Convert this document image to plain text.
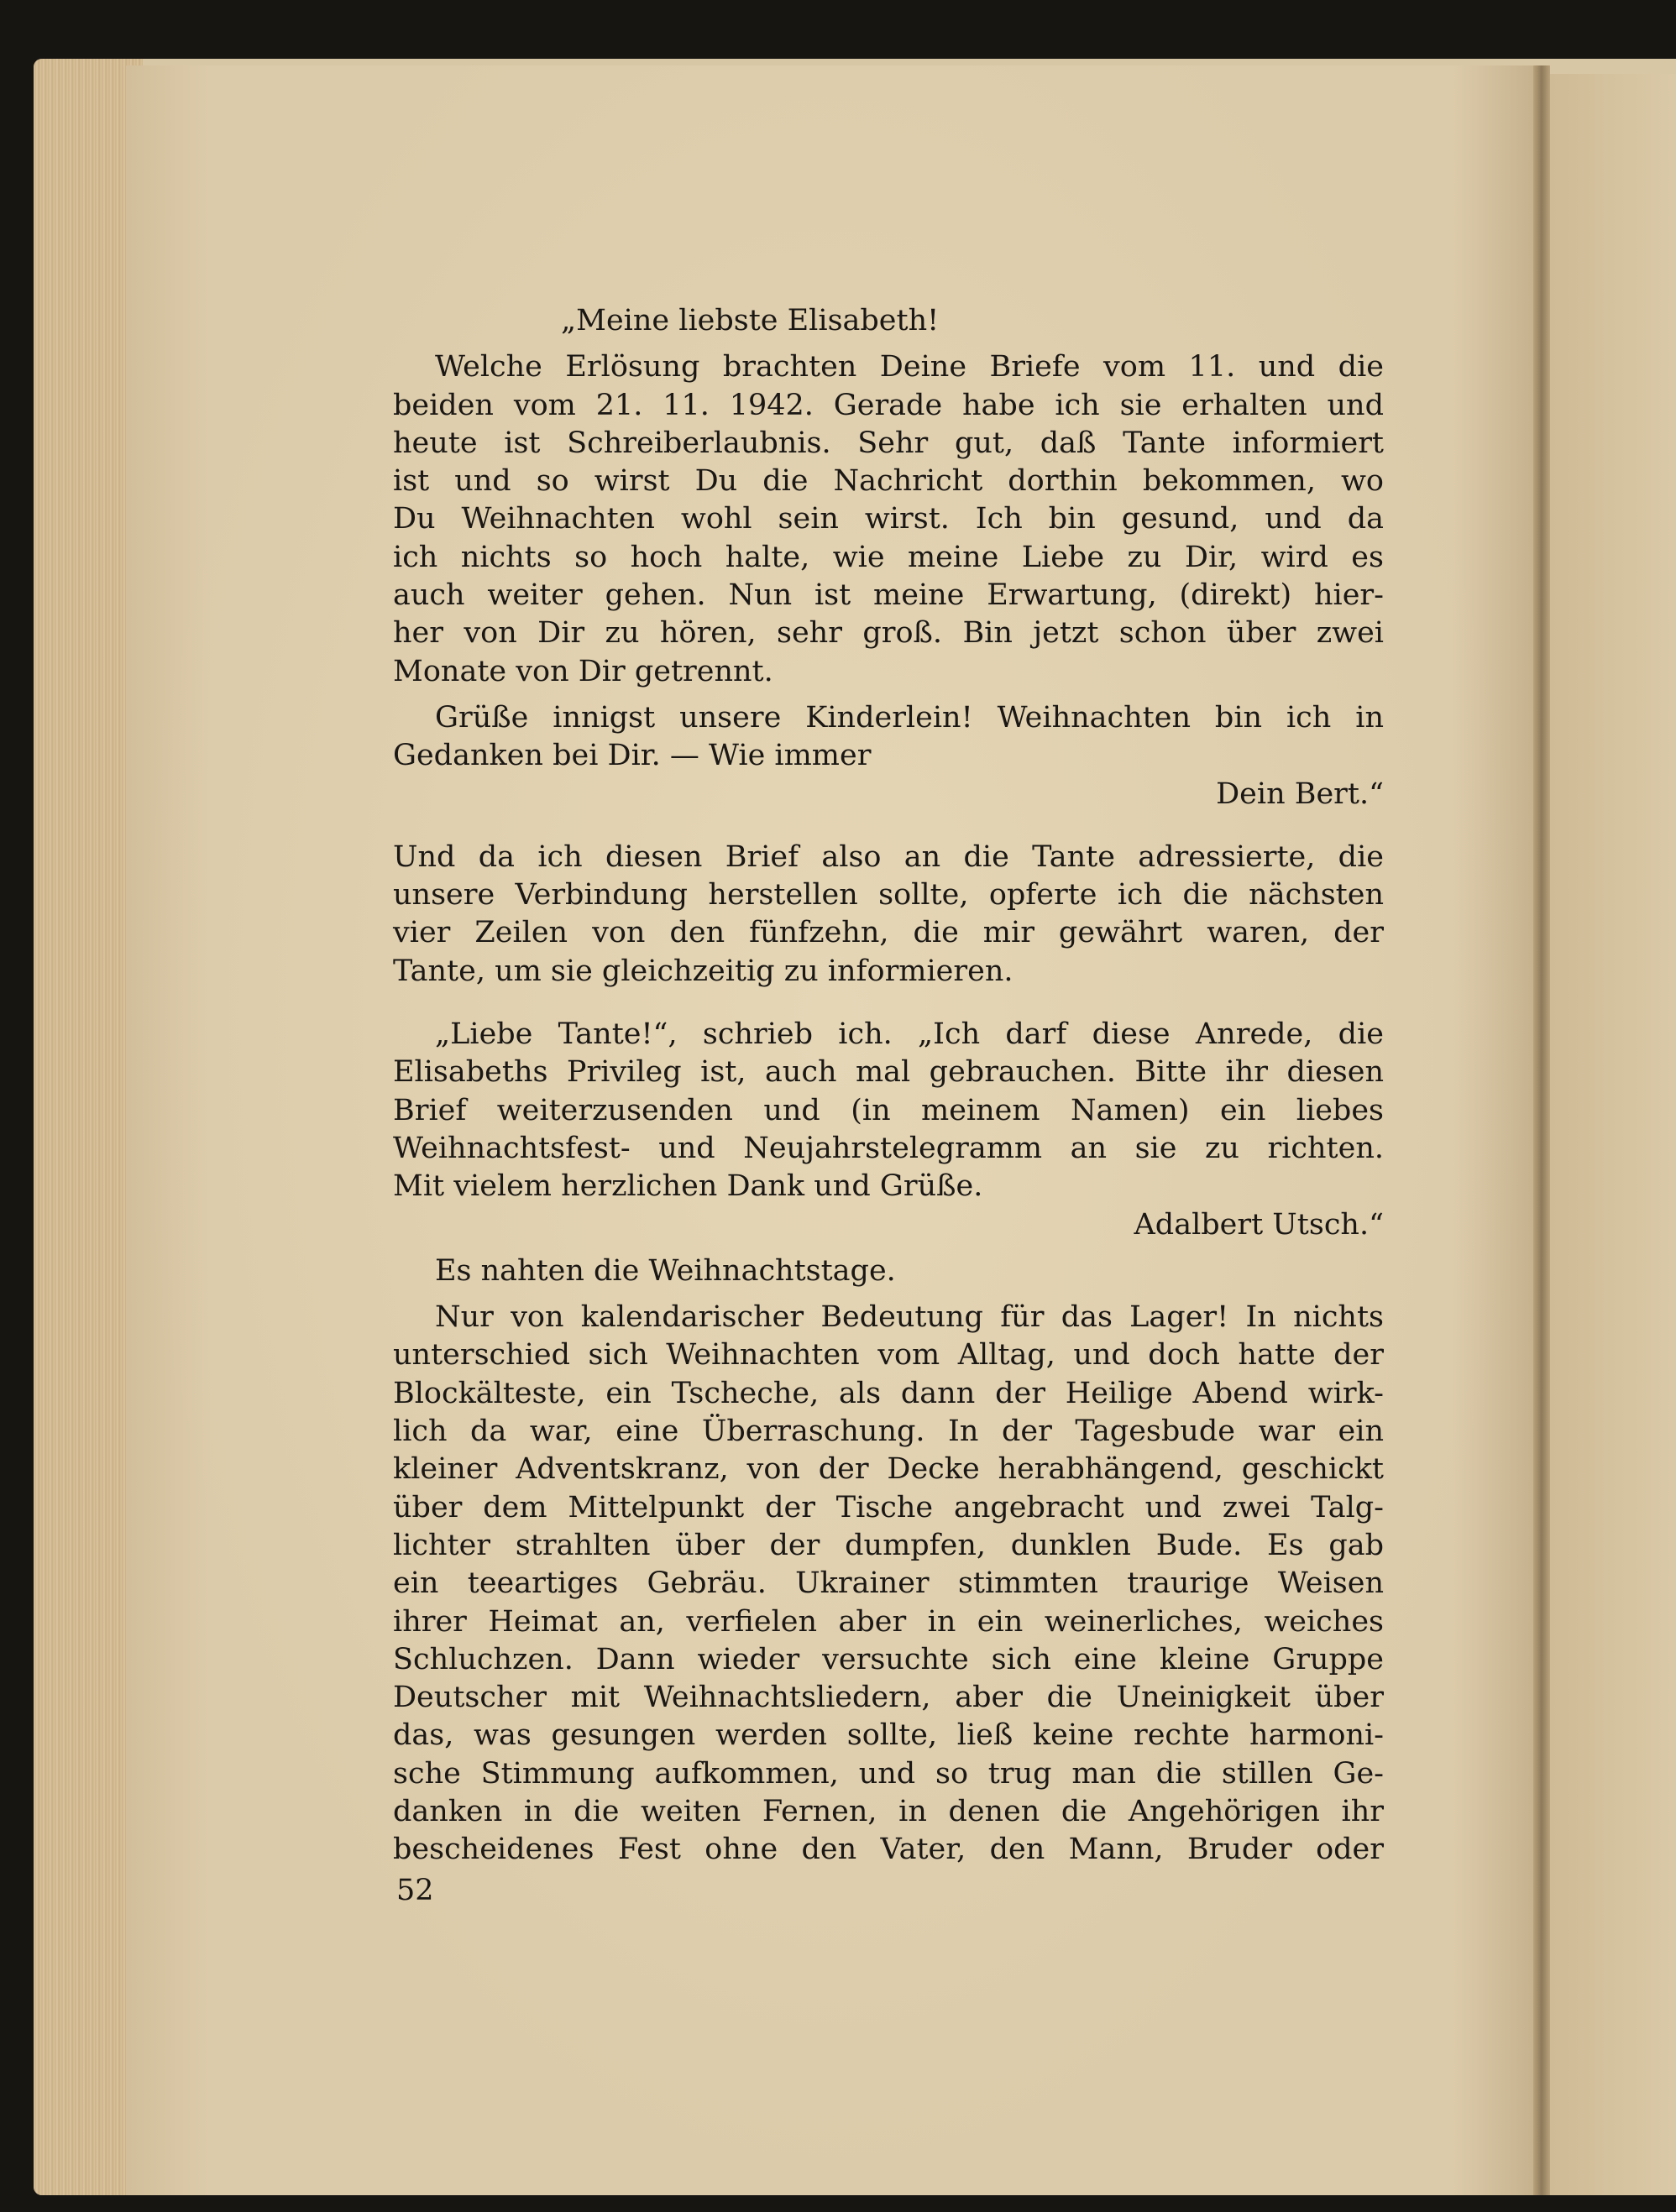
„Meine liebste Elisabeth!
Welche Erlösung brachten Deine Briefe vom 11. und die
beiden vom 21. 11. 1942. Gerade habe ich sie erhalten und
heute ist Schreiberlaubnis. Sehr gut, daß Tante informiert
ist und so wirst Du die Nachricht dorthin bekommen, wo
Du Weihnachten wohl sein wirst. Ich bin gesund, und da
ich nichts so hoch halte, wie meine Liebe zu Dir, wird es
auch weiter gehen. Nun ist meine Erwartung, (direkt) hier-
her von Dir zu hören, sehr groß. Bin jetzt schon über zwei
Monate von Dir getrennt.
Grüße innigst unsere Kinderlein! Weihnachten bin ich in
Gedanken bei Dir. — Wie immer
Dein Bert.“
Und da ich diesen Brief also an die Tante adressierte, die
unsere Verbindung herstellen sollte, opferte ich die nächsten
vier Zeilen von den fünfzehn, die mir gewährt waren, der
Tante, um sie gleichzeitig zu informieren.
„Liebe Tante!“, schrieb ich. „Ich darf diese Anrede, die
Elisabeths Privileg ist, auch mal gebrauchen. Bitte ihr diesen
Brief weiterzusenden und (in meinem Namen) ein liebes
Weihnachtsfest- und Neujahrstelegramm an sie zu richten.
Mit vielem herzlichen Dank und Grüße.
Adalbert Utsch.“
Es nahten die Weihnachtstage.
Nur von kalendarischer Bedeutung für das Lager! In nichts
unterschied sich Weihnachten vom Alltag, und doch hatte der
Blockälteste, ein Tscheche, als dann der Heilige Abend wirk-
lich da war, eine Überraschung. In der Tagesbude war ein
kleiner Adventskranz, von der Decke herabhängend, geschickt
über dem Mittelpunkt der Tische angebracht und zwei Talg-
lichter strahlten über der dumpfen, dunklen Bude. Es gab
ein teeartiges Gebräu. Ukrainer stimmten traurige Weisen
ihrer Heimat an, verfielen aber in ein weinerliches, weiches
Schluchzen. Dann wieder versuchte sich eine kleine Gruppe
Deutscher mit Weihnachtsliedern, aber die Uneinigkeit über
das, was gesungen werden sollte, ließ keine rechte harmoni-
sche Stimmung aufkommen, und so trug man die stillen Ge-
danken in die weiten Fernen, in denen die Angehörigen ihr
bescheidenes Fest ohne den Vater, den Mann, Bruder oder
52
